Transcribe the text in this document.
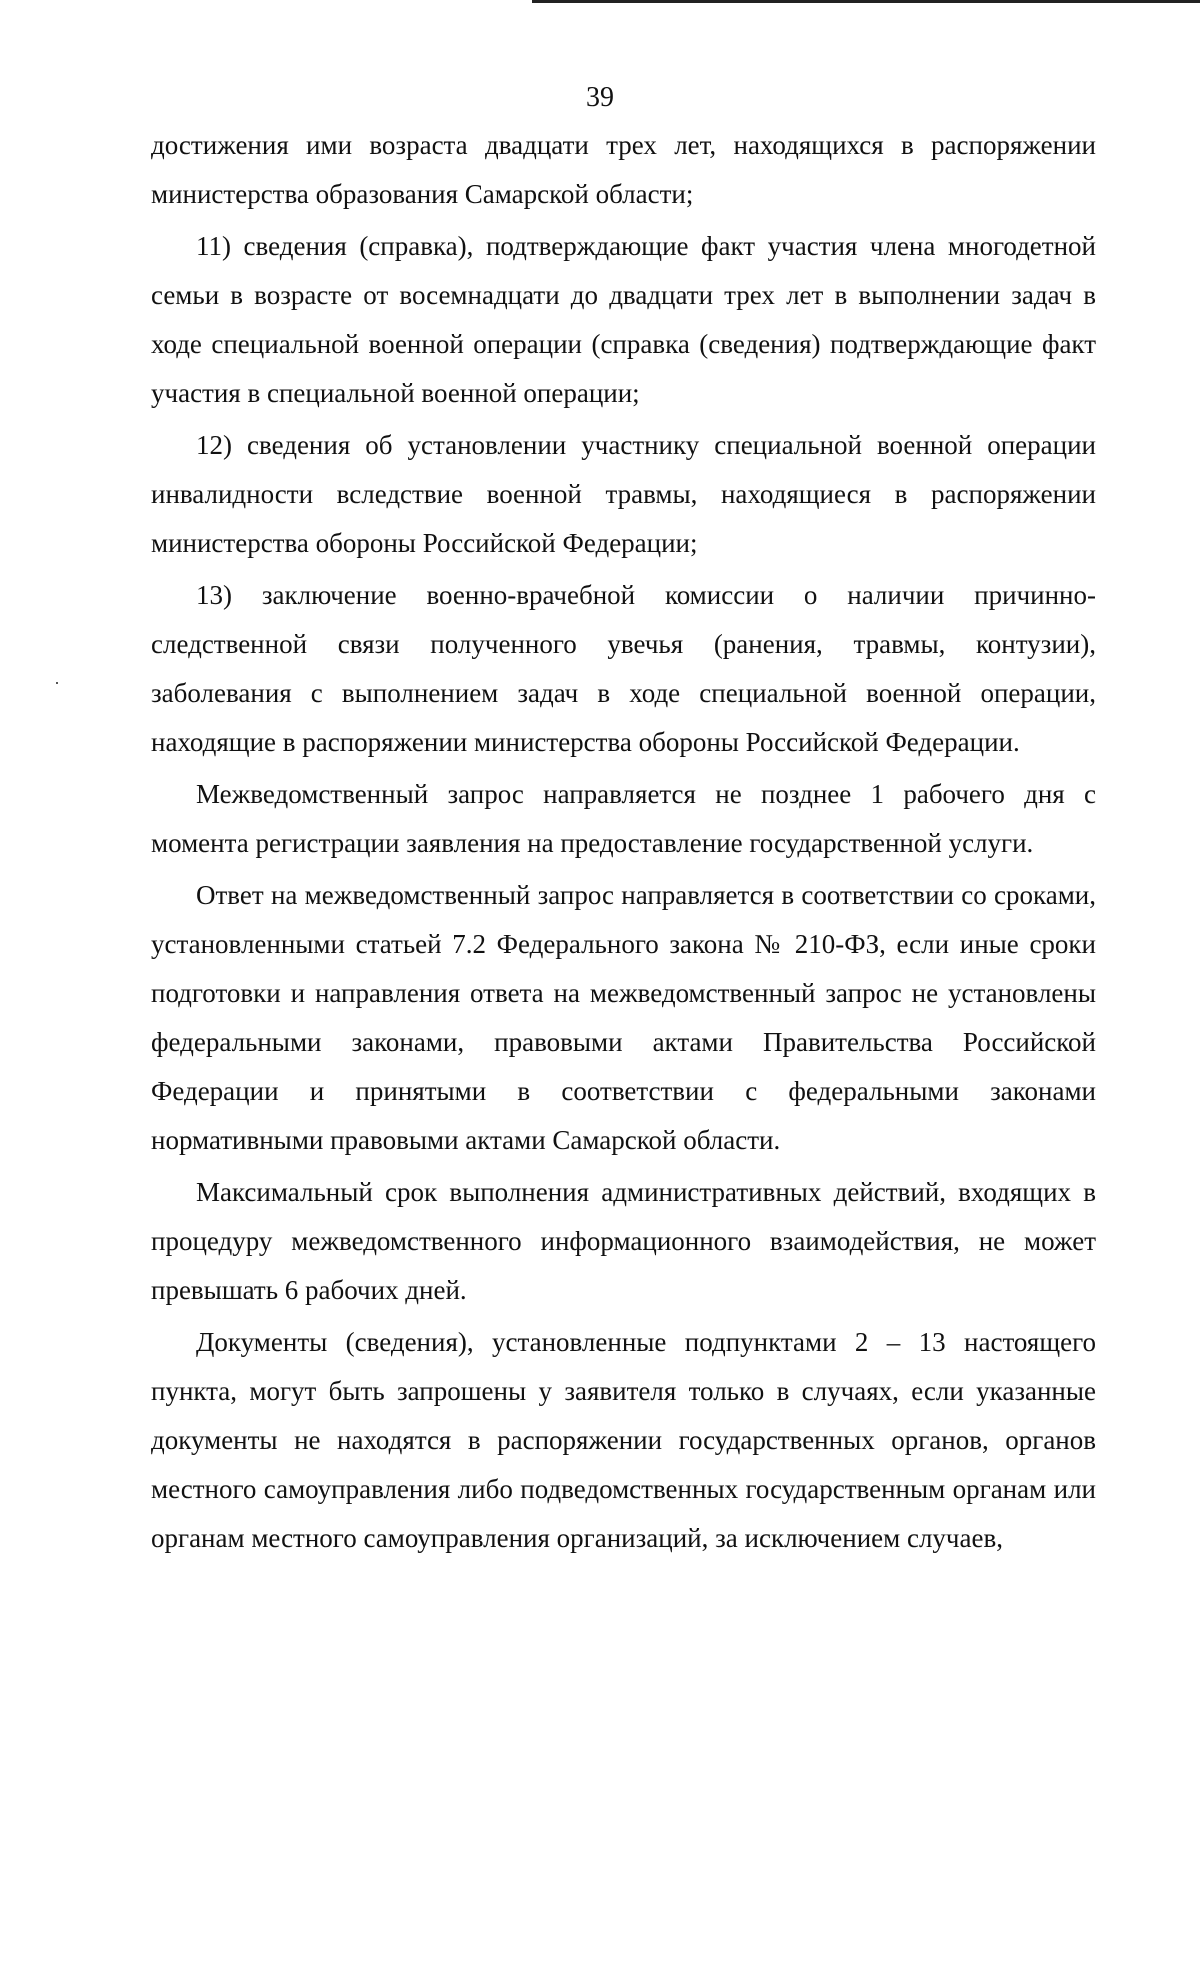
39

достижения ими возраста двадцати трех лет, находящихся в распоряжении министерства образования Самарской области;

11) сведения (справка), подтверждающие факт участия члена многодетной семьи в возрасте от восемнадцати до двадцати трех лет в выполнении задач в ходе специальной военной операции (справка (сведения) подтверждающие факт участия в специальной военной операции;

12) сведения об установлении участнику специальной военной операции инвалидности вследствие военной травмы, находящиеся в распоряжении министерства обороны Российской Федерации;

13) заключение военно-врачебной комиссии о наличии причинно-следственной связи полученного увечья (ранения, травмы, контузии), заболевания с выполнением задач в ходе специальной военной операции, находящие в распоряжении министерства обороны Российской Федерации.

Межведомственный запрос направляется не позднее 1 рабочего дня с момента регистрации заявления на предоставление государственной услуги.

Ответ на межведомственный запрос направляется в соответствии со сроками, установленными статьей 7.2 Федерального закона № 210-ФЗ, если иные сроки подготовки и направления ответа на межведомственный запрос не установлены федеральными законами, правовыми актами Правительства Российской Федерации и принятыми в соответствии с федеральными законами нормативными правовыми актами Самарской области.

Максимальный срок выполнения административных действий, входящих в процедуру межведомственного информационного взаимодействия, не может превышать 6 рабочих дней.

Документы (сведения), установленные подпунктами 2 – 13 настоящего пункта, могут быть запрошены у заявителя только в случаях, если указанные документы не находятся в распоряжении государственных органов, органов местного самоуправления либо подведомственных государственным органам или органам местного самоуправления организаций, за исключением случаев,
